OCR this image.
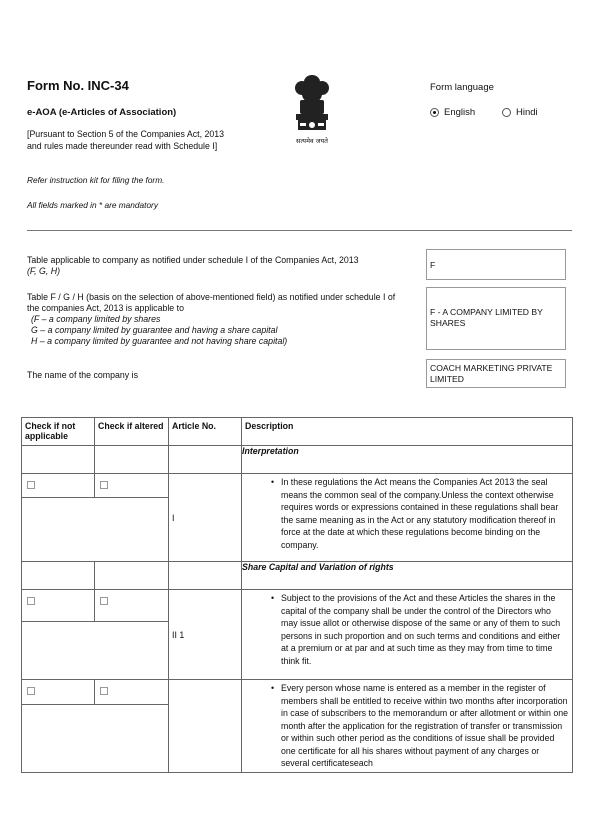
Form No. INC-34
e-AOA (e-Articles of Association)
[Pursuant to Section 5 of the Companies Act, 2013
and rules made thereunder read with Schedule I]
Refer instruction kit for filing the form.
All fields marked in * are mandatory
सत्यमेव जयते
Form language
English	Hindi
Table applicable to company as notified under schedule I of the Companies Act, 2013
(F, G, H)
F
Table F / G / H (basis on the selection of above-mentioned field) as notified under schedule I of
the companies Act, 2013 is applicable to
(F – a company limited by shares
G – a company limited by guarantee and having a share capital
H – a company limited by guarantee and not having share capital)
F - A COMPANY LIMITED BY SHARES
The name of the company is
COACH MARKETING PRIVATE LIMITED
Check if not applicable	Check if altered	Article No.	Description
			Interpretation
		I	• In these regulations the Act means the Companies Act 2013 the seal means the common seal of the company.Unless the context otherwise requires words or expressions contained in these regulations shall bear the same meaning as in the Act or any statutory modification thereof in force at the date at which these regulations become binding on the company.

			Share Capital and Variation of rights
		II 1	• Subject to the provisions of the Act and these Articles the shares in the capital of the company shall be under the control of the Directors who may issue allot or otherwise dispose of the same or any of them to such persons in such proportion and on such terms and conditions and either at a premium or at par and at such time as they may from time to time think fit.

			• Every person whose name is entered as a member in the register of members shall be entitled to receive within two months after incorporation in case of subscribers to the memorandum or after allotment or within one month after the application for the registration of transfer or transmission or within such other period as the conditions of issue shall be provided one certificate for all his shares without payment of any charges or several certificateseach
